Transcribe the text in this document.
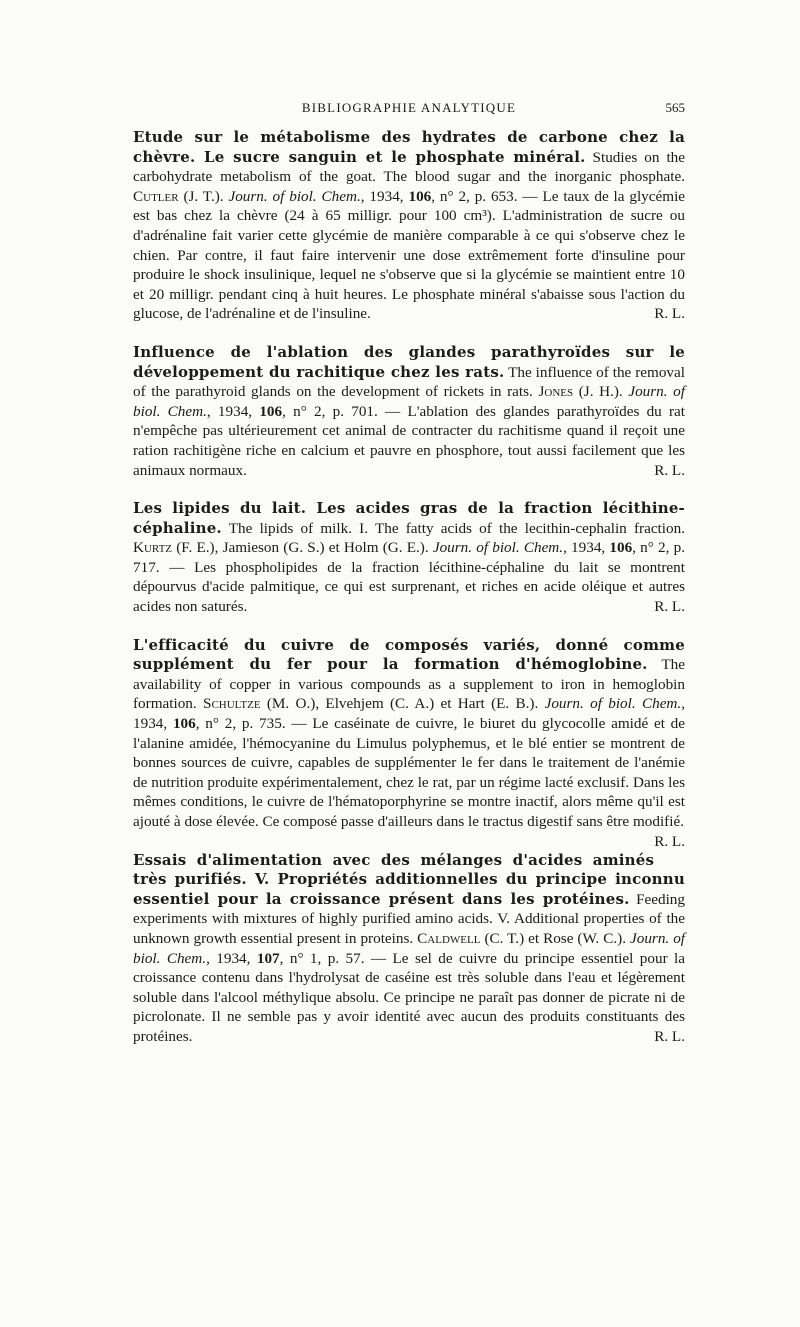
BIBLIOGRAPHIE ANALYTIQUE	565

Etude sur le métabolisme des hydrates de carbone chez la chèvre. Le sucre sanguin et le phosphate minéral. Studies on the carbohydrate metabolism of the goat. The blood sugar and the inorganic phosphate. Cutler (J. T.). Journ. of biol. Chem., 1934, 106, n° 2, p. 653. — Le taux de la glycémie est bas chez la chèvre (24 à 65 milligr. pour 100 cm³). L'administration de sucre ou d'adrénaline fait varier cette glycémie de manière comparable à ce qui s'observe chez le chien. Par contre, il faut faire intervenir une dose extrêmement forte d'insuline pour produire le shock insulinique, lequel ne s'observe que si la glycémie se maintient entre 10 et 20 milligr. pendant cinq à huit heures. Le phosphate minéral s'abaisse sous l'action du glucose, de l'adrénaline et de l'insuline.	R. L.

Influence de l'ablation des glandes parathyroïdes sur le développement du rachitique chez les rats. The influence of the removal of the parathyroid glands on the development of rickets in rats. Jones (J. H.). Journ. of biol. Chem., 1934, 106, n° 2, p. 701. — L'ablation des glandes parathyroïdes du rat n'empêche pas ultérieurement cet animal de contracter du rachitisme quand il reçoit une ration rachitigène riche en calcium et pauvre en phosphore, tout aussi facilement que les animaux normaux.	R. L.

Les lipides du lait. Les acides gras de la fraction lécithine-céphaline. The lipids of milk. I. The fatty acids of the lecithin-cephalin fraction. Kurtz (F. E.), Jamieson (G. S.) et Holm (G. E.). Journ. of biol. Chem., 1934, 106, n° 2, p. 717. — Les phospholipides de la fraction lécithine-céphaline du lait se montrent dépourvus d'acide palmitique, ce qui est surprenant, et riches en acide oléique et autres acides non saturés.	R. L.

L'efficacité du cuivre de composés variés, donné comme supplément du fer pour la formation d'hémoglobine. The availability of copper in various compounds as a supplement to iron in hemoglobin formation. Schultze (M. O.), Elvehjem (C. A.) et Hart (E. B.). Journ. of biol. Chem., 1934, 106, n° 2, p. 735. — Le caséinate de cuivre, le biuret du glycocolle amidé et de l'alanine amidée, l'hémocyanine du Limulus polyphemus, et le blé entier se montrent de bonnes sources de cuivre, capables de supplémenter le fer dans le traitement de l'anémie de nutrition produite expérimentalement, chez le rat, par un régime lacté exclusif. Dans les mêmes conditions, le cuivre de l'hématoporphyrine se montre inactif, alors même qu'il est ajouté à dose élevée. Ce composé passe d'ailleurs dans le tractus digestif sans être modifié.
R. L.

Essais d'alimentation avec des mélanges d'acides aminés très purifiés. V. Propriétés additionnelles du principe inconnu essentiel pour la croissance présent dans les protéines. Feeding experiments with mixtures of highly purified amino acids. V. Additional properties of the unknown growth essential present in proteins. Caldwell (C. T.) et Rose (W. C.). Journ. of biol. Chem., 1934, 107, n° 1, p. 57. — Le sel de cuivre du principe essentiel pour la croissance contenu dans l'hydrolysat de caséine est très soluble dans l'eau et légèrement soluble dans l'alcool méthylique absolu. Ce principe ne paraît pas donner de picrate ni de picrolonate. Il ne semble pas y avoir identité avec aucun des produits constituants des protéines.	R. L.
